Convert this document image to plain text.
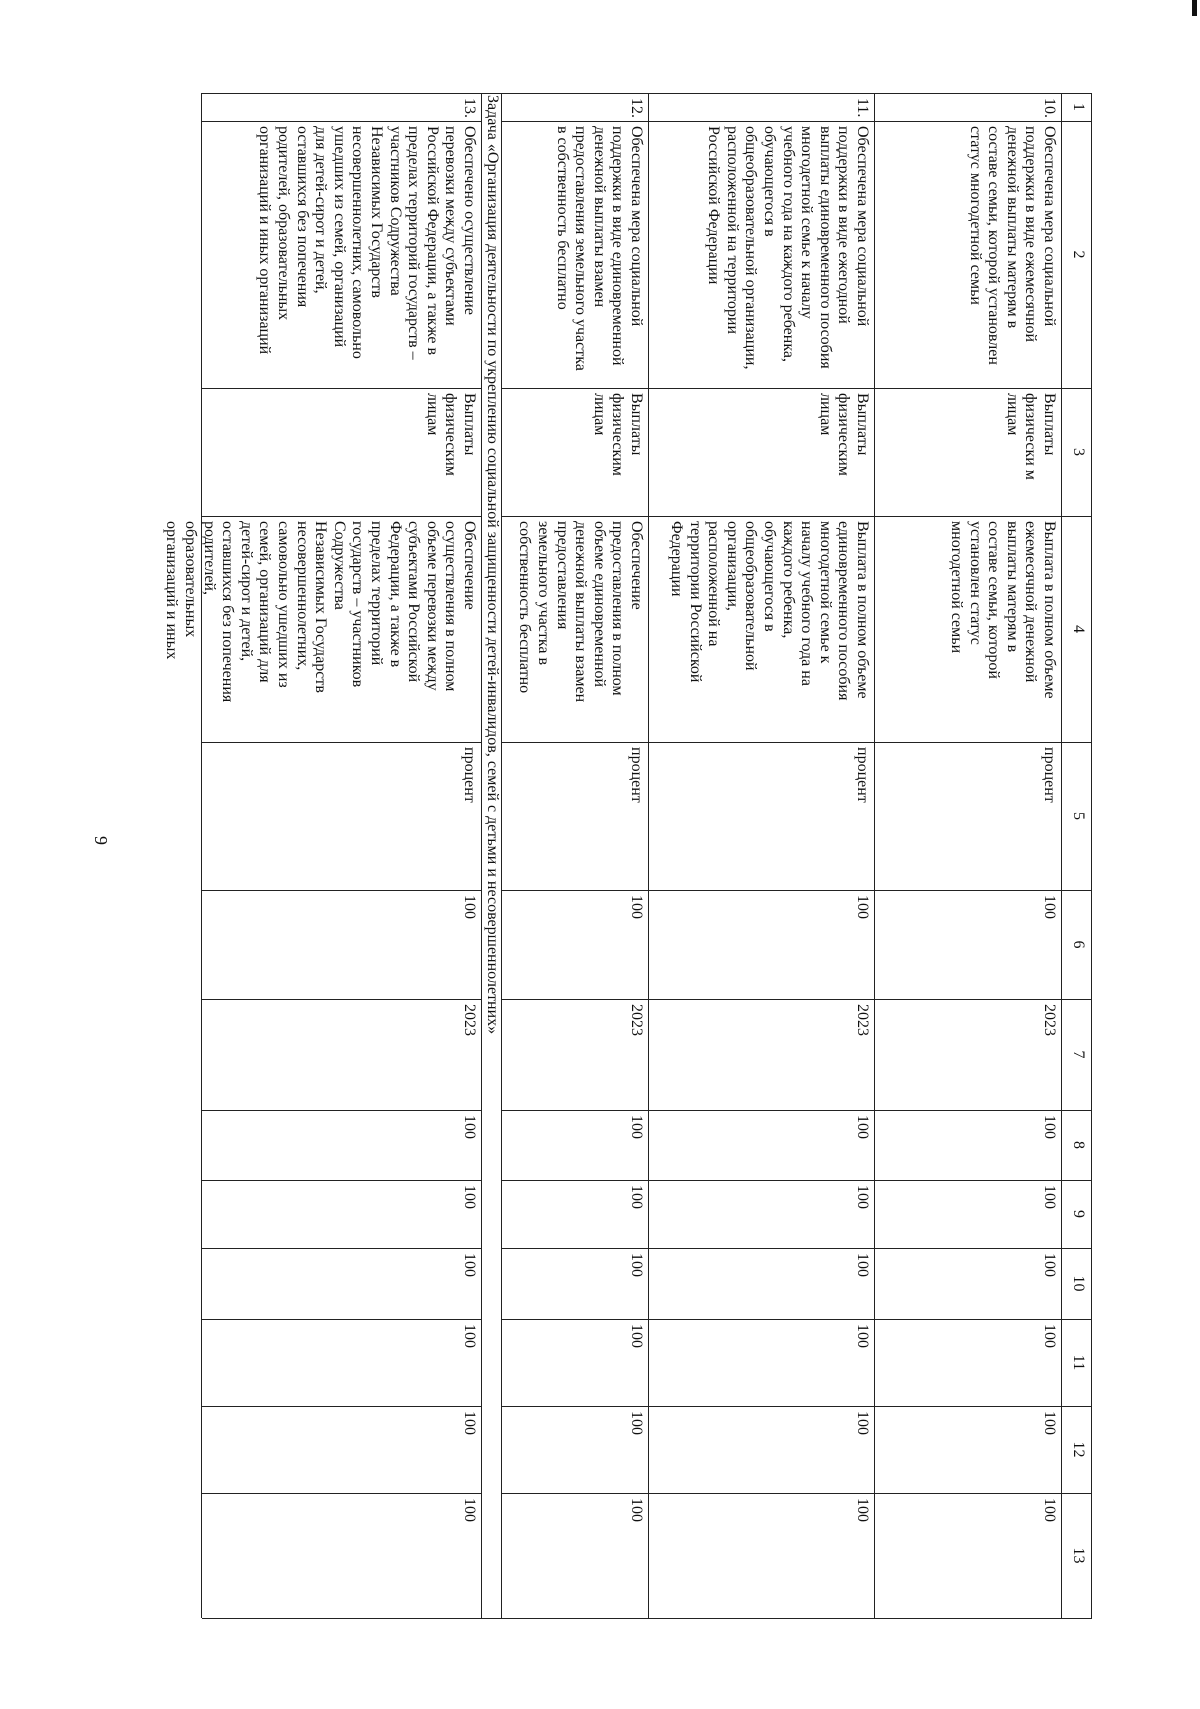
9
1
2
3
4
5
6
7
8
9
10
11
12
13
10.
Обеспечена мера социальной
поддержки в виде ежемесячной
денежной выплаты матерям в
составе семьи, которой установлен
статус многодетной семьи
Выплаты
физически м
лицам
Выплата в полном объеме
ежемесячной денежной
выплаты матерям в
составе семьи, которой
установлен статус
многодетной семьи
процент
100
2023
100
100
100
100
100
100
11.
Обеспечена мера социальной
поддержки в виде ежегодной
выплаты единовременного пособия
многодетной семье к началу
учебного года на каждого ребенка,
обучающегося в
общеобразовательной организации,
расположенной на территории
Российской Федерации
Выплаты
физическим
лицам
Выплата в полном объеме
единовременного пособия
многодетной семье к
началу учебного года на
каждого ребенка,
обучающегося в
общеобразовательной
организации,
расположенной на
территории Российской
Федерации
процент
100
2023
100
100
100
100
100
100
12.
Обеспечена мера социальной
поддержки в виде единовременной
денежной выплаты взамен
предоставления земельного участка
в собственность бесплатно
Выплаты
физическим
лицам
Обеспечение
предоставления в полном
объеме единовременной
денежной выплаты взамен
предоставления
земельного участка в
собственность бесплатно
процент
100
2023
100
100
100
100
100
100
13.
Обеспечено осуществление
перевозки между субъектами
Российской Федерации, а также в
пределах территорий государств –
участников Содружества
Независимых Государств
несовершеннолетних, самовольно
ушедших из семей, организаций
для детей-сирот и детей,
оставшихся без попечения
родителей, образовательных
организаций и иных организаций
Выплаты
физическим
лицам
Обеспечение
осуществления в полном
объеме перевозки между
субъектами Российской
Федерации, а также в
пределах территорий
государств – участников
Содружества
Независимых Государств
несовершеннолетних,
самовольно ушедших из
семей, организаций для
детей-сирот и детей,
оставшихся без попечения
родителей,
образовательных
организаций и иных
процент
100
2023
100
100
100
100
100
100
Задача «Организация деятельности по укреплению социальной защищенности детей-инвалидов, семей с детьми и несовершеннолетних»
